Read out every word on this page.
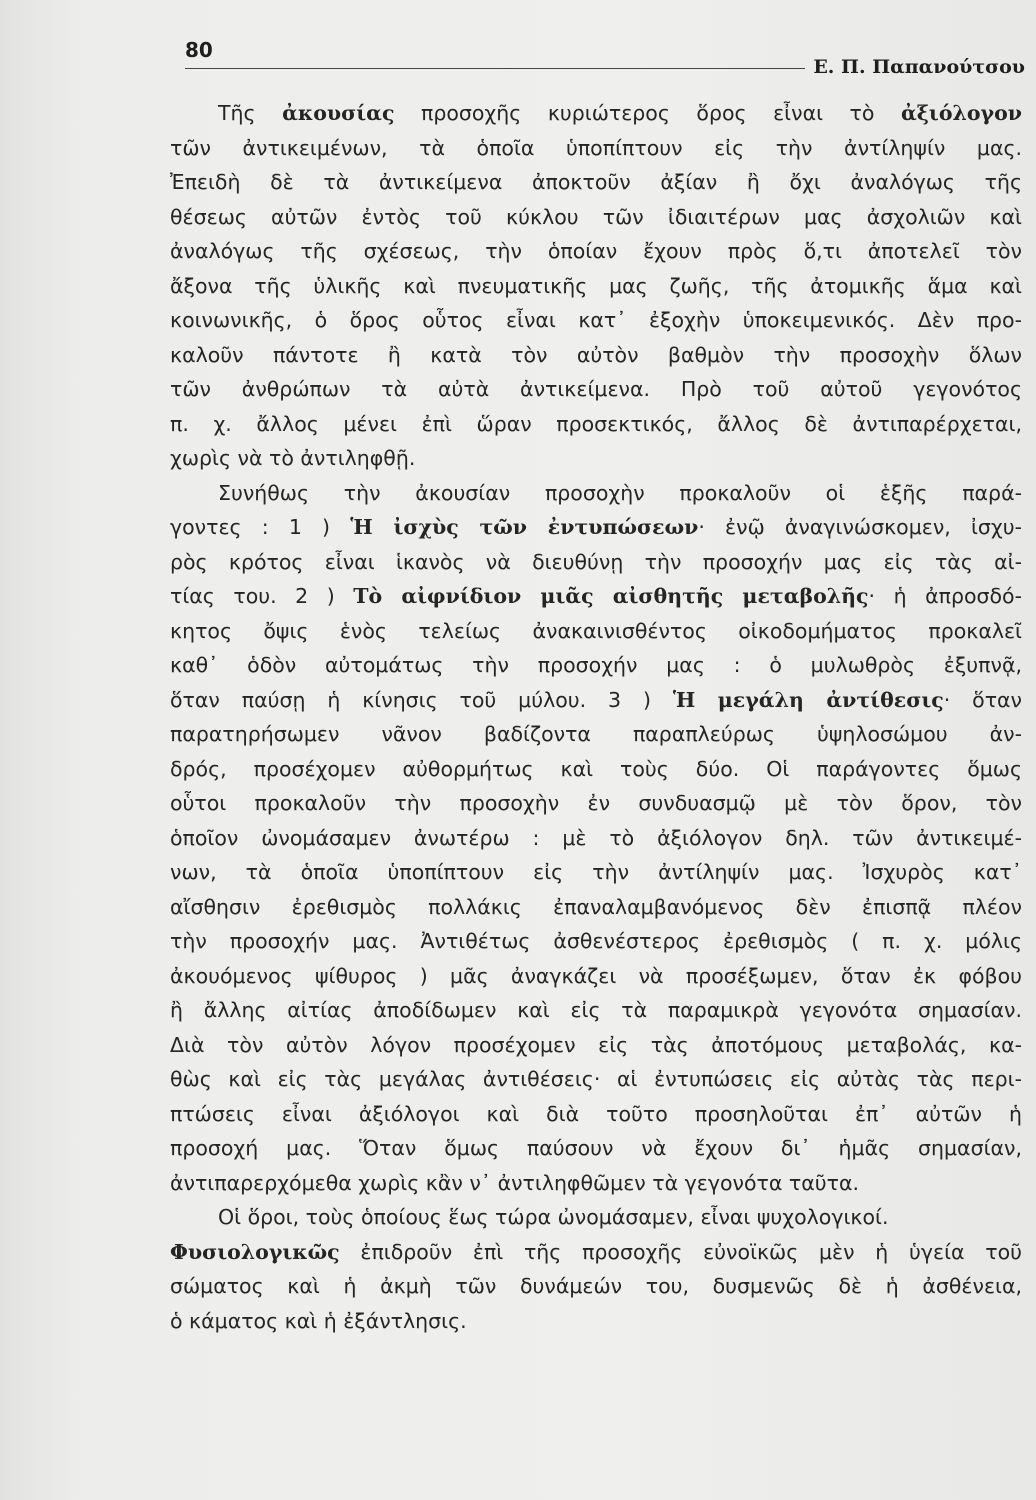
80
Ε. Π. Παπανούτσου
Τῆς ἀκουσίας προσοχῆς κυριώτερος ὅρος εἶναι τὸ ἀξιόλογον
τῶν ἀντικειμένων, τὰ ὁποῖα ὑποπίπτουν εἰς τὴν ἀντίληψίν μας.
Ἐπειδὴ δὲ τὰ ἀντικείμενα ἀποκτοῦν ἀξίαν ἢ ὄχι ἀναλόγως τῆς
θέσεως αὐτῶν ἐντὸς τοῦ κύκλου τῶν ἰδιαιτέρων μας ἀσχολιῶν καὶ
ἀναλόγως τῆς σχέσεως, τὴν ὁποίαν ἔχουν πρὸς ὅ,τι ἀποτελεῖ τὸν
ἄξονα τῆς ὑλικῆς καὶ πνευματικῆς μας ζωῆς, τῆς ἀτομικῆς ἅμα καὶ
κοινωνικῆς, ὁ ὅρος οὗτος εἶναι κατ᾿ ἐξοχὴν ὑποκειμενικός. Δὲν προ-
καλοῦν πάντοτε ἢ κατὰ τὸν αὐτὸν βαθμὸν τὴν προσοχὴν ὅλων
τῶν ἀνθρώπων τὰ αὐτὰ ἀντικείμενα. Πρὸ τοῦ αὐτοῦ γεγονότος
π. χ. ἄλλος μένει ἐπὶ ὥραν προσεκτικός, ἄλλος δὲ ἀντιπαρέρχεται,
χωρὶς νὰ τὸ ἀντιληφθῇ.
Συνήθως τὴν ἀκουσίαν προσοχὴν προκαλοῦν οἱ ἑξῆς παρά-
γοντες : 1 ) Ἡ ἰσχὺς τῶν ἐντυπώσεων· ἐνῷ ἀναγινώσκομεν, ἰσχυ-
ρὸς κρότος εἶναι ἱκανὸς νὰ διευθύνῃ τὴν προσοχήν μας εἰς τὰς αἰ-
τίας του. 2 ) Τὸ αἰφνίδιον μιᾶς αἰσθητῆς μεταβολῆς· ἡ ἀπροσδό-
κητος ὄψις ἑνὸς τελείως ἀνακαινισθέντος οἰκοδομήματος προκαλεῖ
καθ᾿ ὁδὸν αὐτομάτως τὴν προσοχήν μας : ὁ μυλωθρὸς ἐξυπνᾷ,
ὅταν παύσῃ ἡ κίνησις τοῦ μύλου. 3 ) Ἡ μεγάλη ἀντίθεσις· ὅταν
παρατηρήσωμεν νᾶνον βαδίζοντα παραπλεύρως ὑψηλοσώμου ἀν-
δρός, προσέχομεν αὐθορμήτως καὶ τοὺς δύο. Οἱ παράγοντες ὅμως
οὗτοι προκαλοῦν τὴν προσοχὴν ἐν συνδυασμῷ μὲ τὸν ὅρον, τὸν
ὁποῖον ὠνομάσαμεν ἀνωτέρω : μὲ τὸ ἀξιόλογον δηλ. τῶν ἀντικειμέ-
νων, τὰ ὁποῖα ὑποπίπτουν εἰς τὴν ἀντίληψίν μας. Ἰσχυρὸς κατ᾿
αἴσθησιν ἐρεθισμὸς πολλάκις ἐπαναλαμβανόμενος δὲν ἐπισπᾷ πλέον
τὴν προσοχήν μας. Ἀντιθέτως ἀσθενέστερος ἐρεθισμὸς ( π. χ. μόλις
ἀκουόμενος ψίθυρος ) μᾶς ἀναγκάζει νὰ προσέξωμεν, ὅταν ἐκ φόβου
ἢ ἄλλης αἰτίας ἀποδίδωμεν καὶ εἰς τὰ παραμικρὰ γεγονότα σημασίαν.
Διὰ τὸν αὐτὸν λόγον προσέχομεν εἰς τὰς ἀποτόμους μεταβολάς, κα-
θὼς καὶ εἰς τὰς μεγάλας ἀντιθέσεις· αἱ ἐντυπώσεις εἰς αὐτὰς τὰς περι-
πτώσεις εἶναι ἀξιόλογοι καὶ διὰ τοῦτο προσηλοῦται ἐπ᾿ αὐτῶν ἡ
προσοχή μας. Ὅταν ὅμως παύσουν νὰ ἔχουν δι᾿ ἡμᾶς σημασίαν,
ἀντιπαρερχόμεθα χωρὶς κἂν ν᾿ ἀντιληφθῶμεν τὰ γεγονότα ταῦτα.
Οἱ ὅροι, τοὺς ὁποίους ἕως τώρα ὠνομάσαμεν, εἶναι ψυχολογικοί.
Φυσιολογικῶς ἐπιδροῦν ἐπὶ τῆς προσοχῆς εὐνοϊκῶς μὲν ἡ ὑγεία τοῦ
σώματος καὶ ἡ ἀκμὴ τῶν δυνάμεών του, δυσμενῶς δὲ ἡ ἀσθένεια,
ὁ κάματος καὶ ἡ ἐξάντλησις.
